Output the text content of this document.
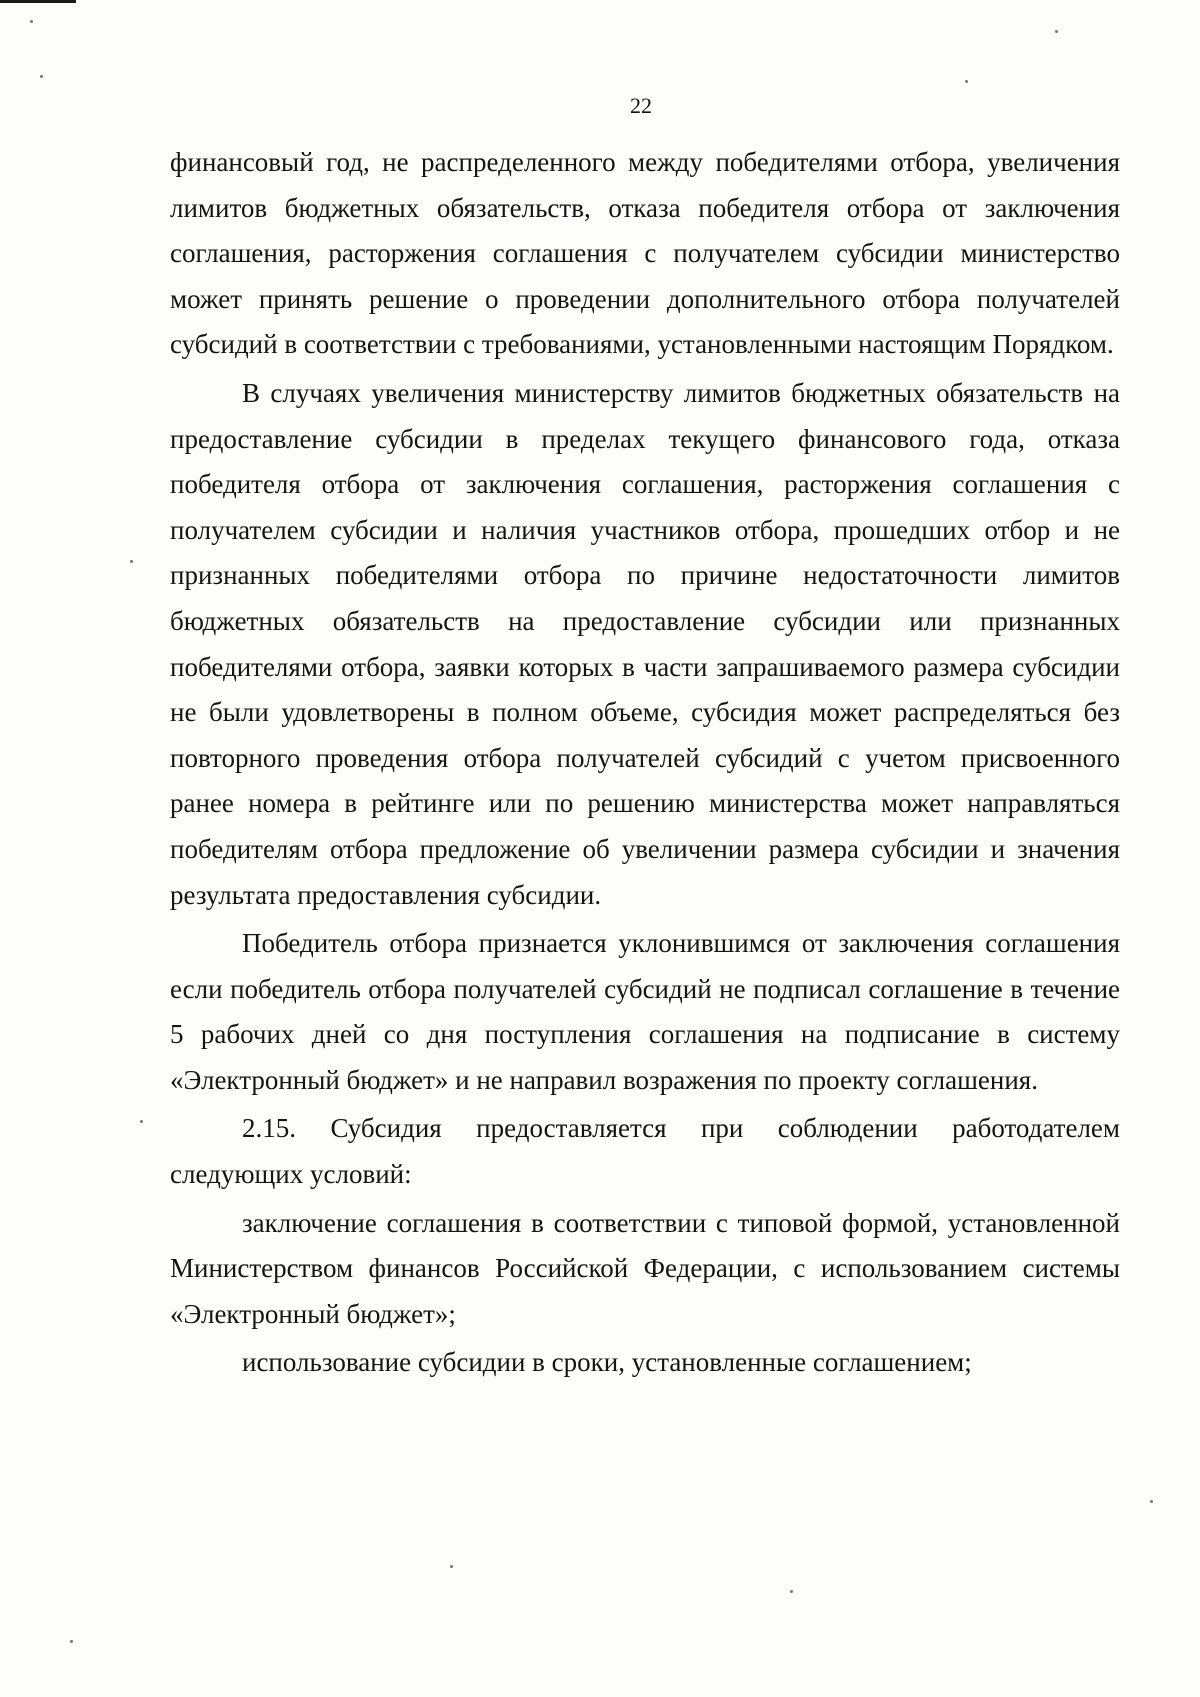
22

финансовый год, не распределенного между победителями отбора, увеличения лимитов бюджетных обязательств, отказа победителя отбора от заключения соглашения, расторжения соглашения с получателем субсидии министерство может принять решение о проведении дополнительного отбора получателей субсидий в соответствии с требованиями, установленными настоящим Порядком.

В случаях увеличения министерству лимитов бюджетных обязательств на предоставление субсидии в пределах текущего финансового года, отказа победителя отбора от заключения соглашения, расторжения соглашения с получателем субсидии и наличия участников отбора, прошедших отбор и не признанных победителями отбора по причине недостаточности лимитов бюджетных обязательств на предоставление субсидии или признанных победителями отбора, заявки которых в части запрашиваемого размера субсидии не были удовлетворены в полном объеме, субсидия может распределяться без повторного проведения отбора получателей субсидий с учетом присвоенного ранее номера в рейтинге или по решению министерства может направляться победителям отбора предложение об увеличении размера субсидии и значения результата предоставления субсидии.

Победитель отбора признается уклонившимся от заключения соглашения если победитель отбора получателей субсидий не подписал соглашение в течение 5 рабочих дней со дня поступления соглашения на подписание в систему «Электронный бюджет» и не направил возражения по проекту соглашения.

2.15. Субсидия предоставляется при соблюдении работодателем следующих условий:

заключение соглашения в соответствии с типовой формой, установленной Министерством финансов Российской Федерации, с использованием системы «Электронный бюджет»;

использование субсидии в сроки, установленные соглашением;
